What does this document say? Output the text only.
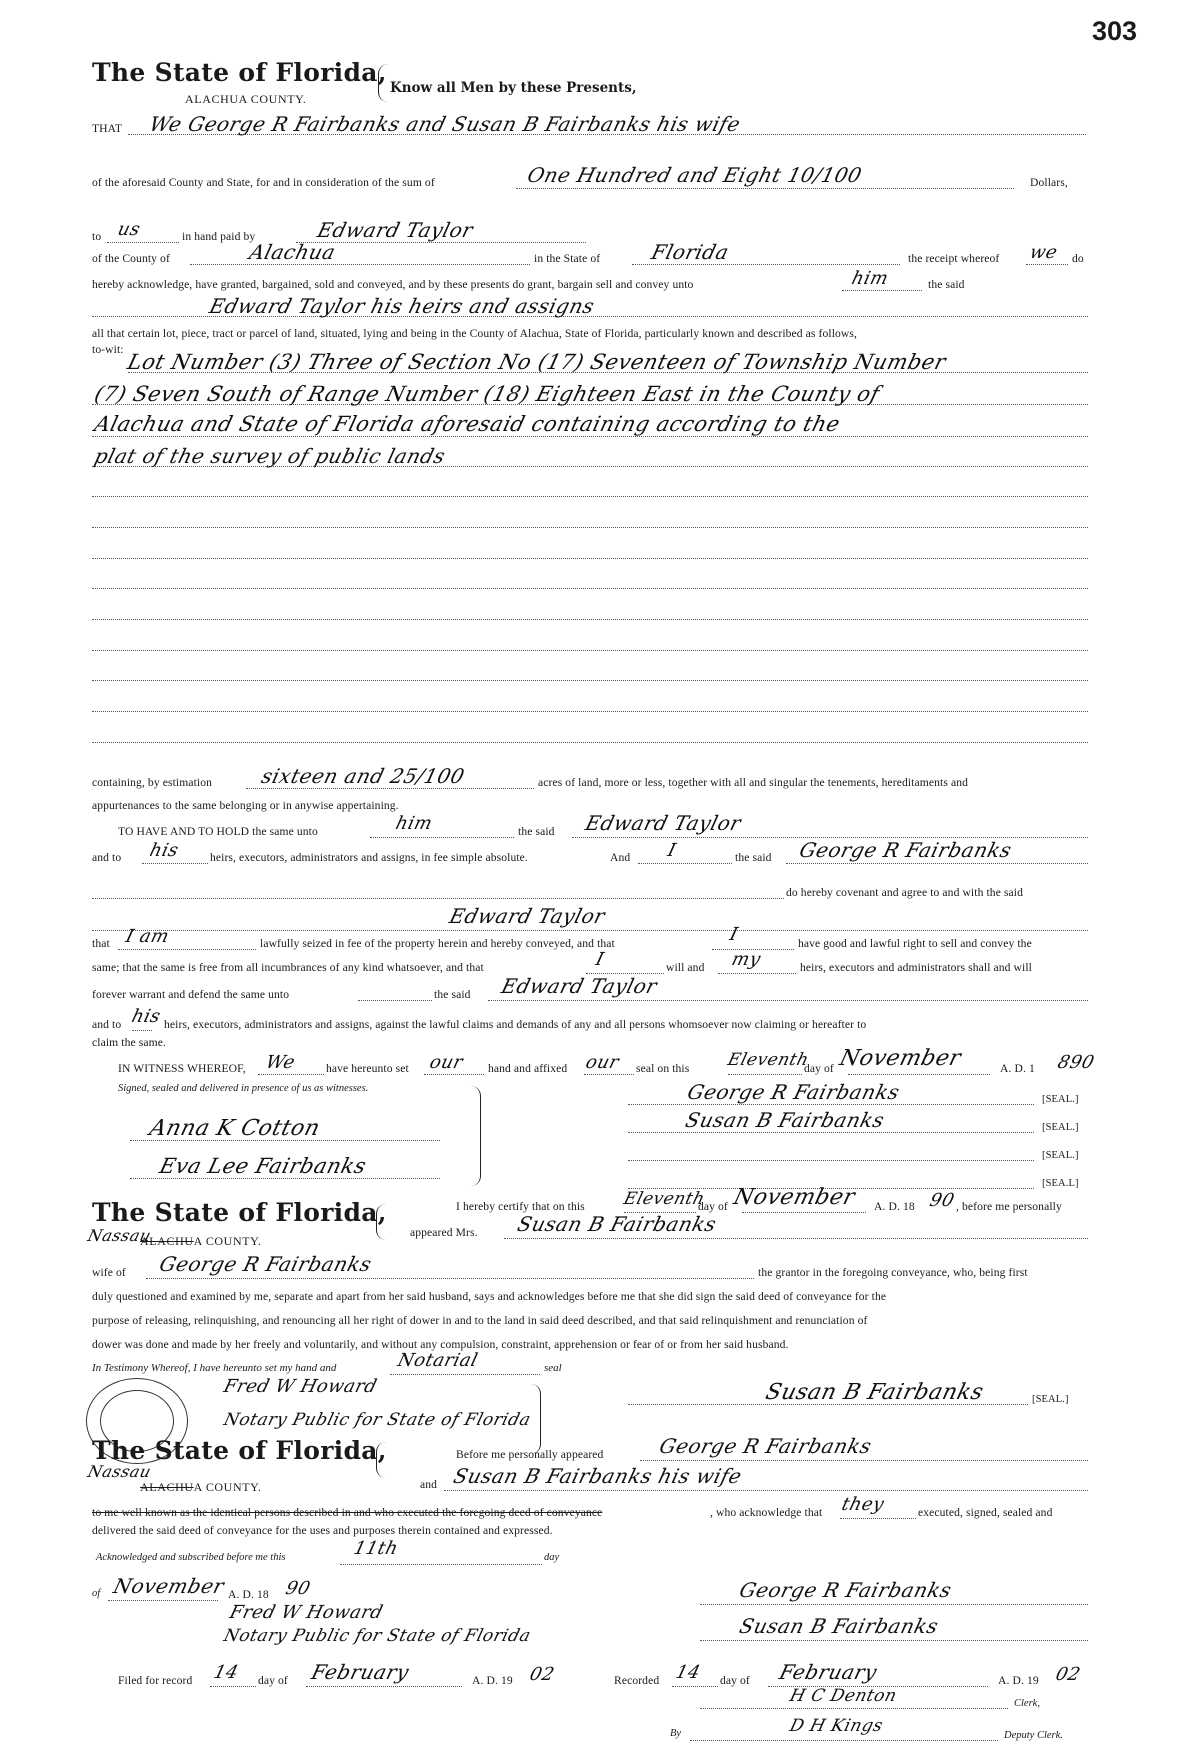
303
The State of Florida,
ALACHUA COUNTY.
Know all Men by these Presents,
THAT We George R Fairbanks and Susan B Fairbanks his wife
of the aforesaid County and State, for and in consideration of the sum of	One Hundred and Eight 10/100	Dollars,
to us	in hand paid by	Edward Taylor
of the County of	Alachua	in the State of Florida	the receipt whereof we do
hereby acknowledge, have granted, bargained, sold and conveyed, and by these presents do grant, bargain sell and convey unto	him	the said
Edward Taylor his heirs and assigns
all that certain lot, piece, tract or parcel of land, situated, lying and being in the County of Alachua, State of Florida, particularly known and described as follows,
to-wit:
Lot Number (3) Three of Section No (17) Seventeen of Township Number
(7) Seven South of Range Number (18) Eighteen East in the County of
Alachua and State of Florida aforesaid containing according to the
plat of the survey of public lands
containing, by estimation sixteen and 25/100	acres of land, more or less, together with all and singular the tenements, hereditaments and
appurtenances to the same belonging or in anywise appertaining.
TO HAVE AND TO HOLD the same unto	him	the said Edward Taylor
and to his	heirs, executors, administrators and assigns, in fee simple absolute.	And I	the said George R Fairbanks
do hereby covenant and agree to and with the said
Edward Taylor
that I am	lawfully seized in fee of the property herein and hereby conveyed, and that	I	have good and lawful right to sell and convey the
same; that the same is free from all incumbrances of any kind whatsoever, and that	I	will and my	heirs, executors and administrators shall and will
forever warrant and defend the same unto	the said Edward Taylor
and to his heirs, executors, administrators and assigns, against the lawful claims and demands of any and all persons whomsoever now claiming or hereafter to
claim the same.
IN WITNESS WHEREOF, We have hereunto set our hand and affixed our seal on this Eleventh
day of November	A. D. 1 890
Signed, sealed and delivered in presence of us as witnesses.
Anna K Cotton
Eva Lee Fairbanks
George R Fairbanks	[SEAL.]
Susan B Fairbanks	[SEAL.]
[SEAL.]
[SEA.L]
The State of Florida,
Nassau
ALACHUA COUNTY.
I hereby certify that on this Eleventh
day of November A. D. 18 90 , before me personally
appeared Mrs. Susan B Fairbanks
wife of George R Fairbanks	the grantor in the foregoing conveyance, who, being first
duly questioned and examined by me, separate and apart from her said husband, says and acknowledges before me that she did sign the said deed of conveyance for the
purpose of releasing, relinquishing, and renouncing all her right of dower in and to the land in said deed described, and that said relinquishment and renunciation of
dower was done and made by her freely and voluntarily, and without any compulsion, constraint, apprehension or fear of or from her said husband.
In Testimony Whereof, I have hereunto set my hand and	Notarial	seal
Fred W Howard
Notary Public for State of Florida
Susan B Fairbanks	[SEAL.]
The State of Florida,
Nassau
ALACHUA COUNTY.
Before me personally appeared	George R Fairbanks
and Susan B Fairbanks his wife
to me well known as the identical persons described in and who executed the foregoing deed of conveyance	, who acknowledge that they	executed, signed, sealed and
delivered the said deed of conveyance for the uses and purposes therein contained and expressed.
Acknowledged and subscribed before me this	11th	day
of November A. D. 18 90
Fred W Howard
Notary Public for State of Florida
George R Fairbanks
Susan B Fairbanks
Filed for record 14 day of February	A. D. 19 02	Recorded 14 day of February	A. D. 19 02
H C Denton	Clerk,
By	D H Kings	Deputy Clerk.
